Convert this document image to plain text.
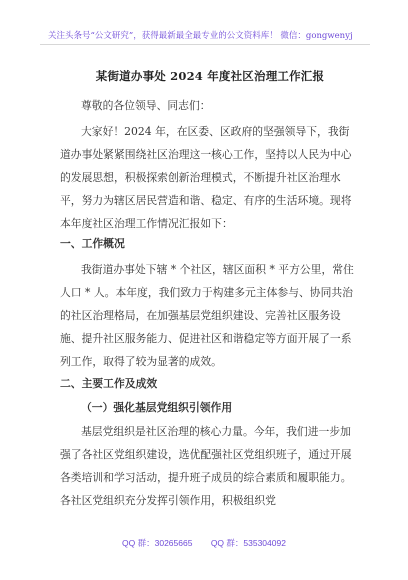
关注头条号“公文研究”，获得最新最全最专业的公文资料库！ 微信：gongwenyj
某街道办事处 2024 年度社区治理工作汇报

尊敬的各位领导、同志们：

大家好！2024 年，在区委、区政府的坚强领导下，我街道办事处紧紧围绕社区治理这一核心工作，坚持以人民为中心的发展思想，积极探索创新治理模式，不断提升社区治理水平，努力为辖区居民营造和谐、稳定、有序的生活环境。现将本年度社区治理工作情况汇报如下：

一、工作概况

我街道办事处下辖 * 个社区，辖区面积 * 平方公里，常住人口 * 人。本年度，我们致力于构建多元主体参与、协同共治的社区治理格局，在加强基层党组织建设、完善社区服务设施、提升社区服务能力、促进社区和谐稳定等方面开展了一系列工作，取得了较为显著的成效。

二、主要工作及成效

（一）强化基层党组织引领作用

基层党组织是社区治理的核心力量。今年，我们进一步加强了各社区党组织建设，选优配强社区党组织班子，通过开展各类培训和学习活动，提升班子成员的综合素质和履职能力。各社区党组织充分发挥引领作用，积极组织党

QQ 群：30265665 QQ 群：535304092
